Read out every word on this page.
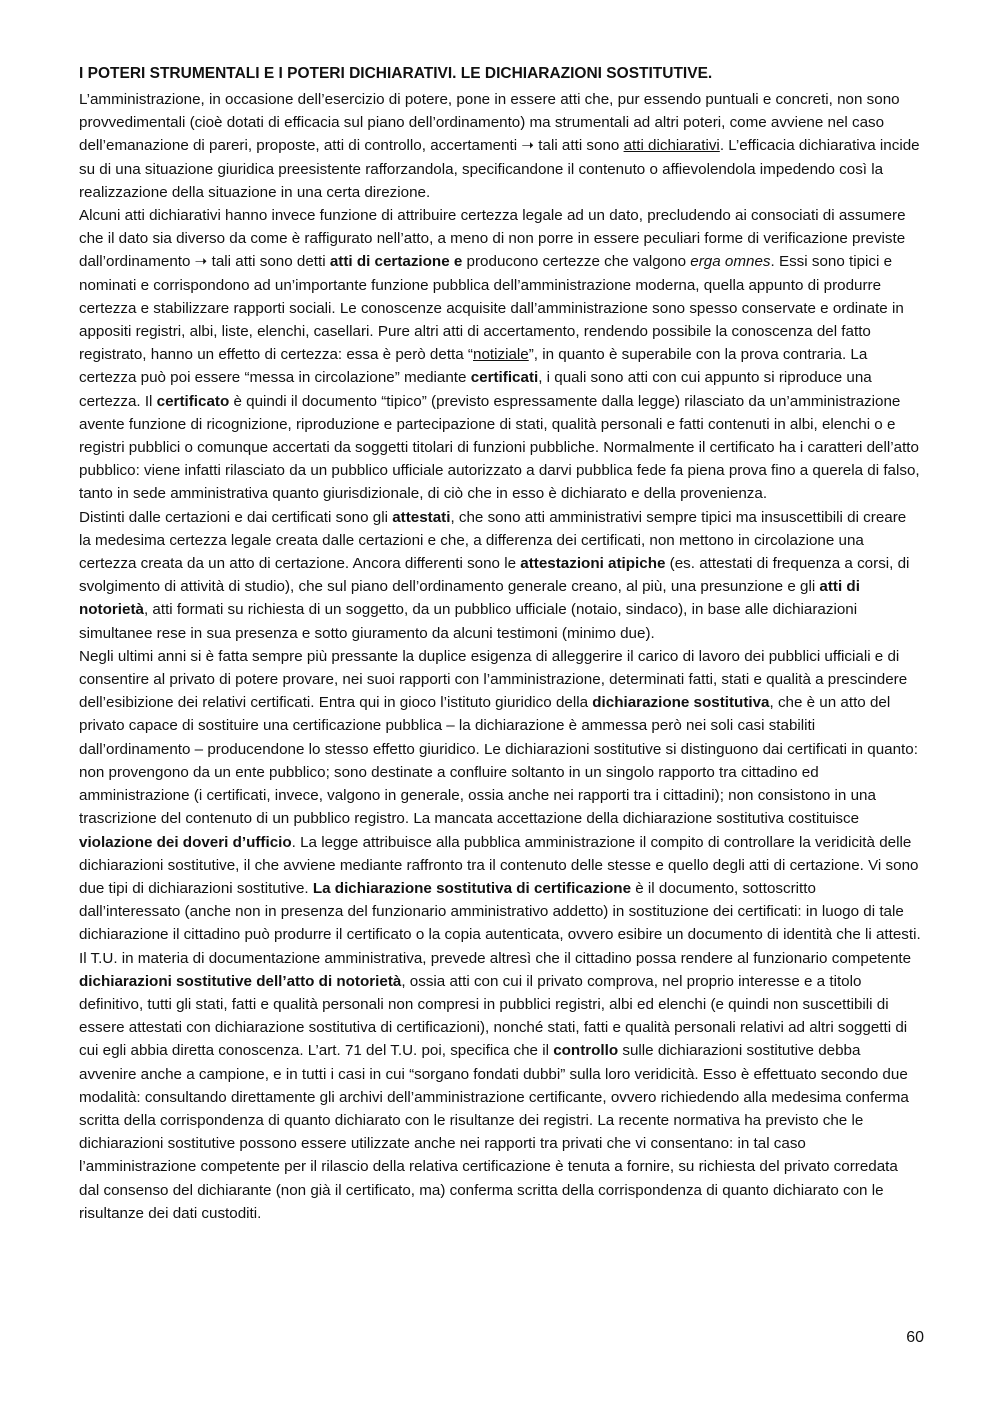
I POTERI STRUMENTALI E I POTERI DICHIARATIVI. LE DICHIARAZIONI SOSTITUTIVE.

L’amministrazione, in occasione dell’esercizio di potere, pone in essere atti che, pur essendo puntuali e concreti, non sono provvedimentali (cioè dotati di efficacia sul piano dell’ordinamento) ma strumentali ad altri poteri, come avviene nel caso dell’emanazione di pareri, proposte, atti di controllo, accertamenti ➝ tali atti sono atti dichiarativi. L’efficacia dichiarativa incide su di una situazione giuridica preesistente rafforzandola, specificandone il contenuto o affievolendola impedendo così la realizzazione della situazione in una certa direzione.

Alcuni atti dichiarativi hanno invece funzione di attribuire certezza legale ad un dato, precludendo ai consociati di assumere che il dato sia diverso da come è raffigurato nell’atto, a meno di non porre in essere peculiari forme di verificazione previste dall’ordinamento ➝ tali atti sono detti atti di certazione e producono certezze che valgono erga omnes. Essi sono tipici e nominati e corrispondono ad un’importante funzione pubblica dell’amministrazione moderna, quella appunto di produrre certezza e stabilizzare rapporti sociali. Le conoscenze acquisite dall’amministrazione sono spesso conservate e ordinate in appositi registri, albi, liste, elenchi, casellari. Pure altri atti di accertamento, rendendo possibile la conoscenza del fatto registrato, hanno un effetto di certezza: essa è però detta “notiziale”, in quanto è superabile con la prova contraria. La certezza può poi essere “messa in circolazione” mediante certificati, i quali sono atti con cui appunto si riproduce una certezza. Il certificato è quindi il documento “tipico” (previsto espressamente dalla legge) rilasciato da un’amministrazione avente funzione di ricognizione, riproduzione e partecipazione di stati, qualità personali e fatti contenuti in albi, elenchi o e registri pubblici o comunque accertati da soggetti titolari di funzioni pubbliche. Normalmente il certificato ha i caratteri dell’atto pubblico: viene infatti rilasciato da un pubblico ufficiale autorizzato a darvi pubblica fede fa piena prova fino a querela di falso, tanto in sede amministrativa quanto giurisdizionale, di ciò che in esso è dichiarato e della provenienza.

Distinti dalle certazioni e dai certificati sono gli attestati, che sono atti amministrativi sempre tipici ma insuscettibili di creare la medesima certezza legale creata dalle certazioni e che, a differenza dei certificati, non mettono in circolazione una certezza creata da un atto di certazione. Ancora differenti sono le attestazioni atipiche (es. attestati di frequenza a corsi, di svolgimento di attività di studio), che sul piano dell’ordinamento generale creano, al più, una presunzione e gli atti di notorietà, atti formati su richiesta di un soggetto, da un pubblico ufficiale (notaio, sindaco), in base alle dichiarazioni simultanee rese in sua presenza e sotto giuramento da alcuni testimoni (minimo due).

Negli ultimi anni si è fatta sempre più pressante la duplice esigenza di alleggerire il carico di lavoro dei pubblici ufficiali e di consentire al privato di potere provare, nei suoi rapporti con l’amministrazione, determinati fatti, stati e qualità a prescindere dell’esibizione dei relativi certificati. Entra qui in gioco l’istituto giuridico della dichiarazione sostitutiva, che è un atto del privato capace di sostituire una certificazione pubblica – la dichiarazione è ammessa però nei soli casi stabiliti dall’ordinamento – producendone lo stesso effetto giuridico. Le dichiarazioni sostitutive si distinguono dai certificati in quanto: non provengono da un ente pubblico; sono destinate a confluire soltanto in un singolo rapporto tra cittadino ed amministrazione (i certificati, invece, valgono in generale, ossia anche nei rapporti tra i cittadini); non consistono in una trascrizione del contenuto di un pubblico registro. La mancata accettazione della dichiarazione sostitutiva costituisce violazione dei doveri d’ufficio. La legge attribuisce alla pubblica amministrazione il compito di controllare la veridicità delle dichiarazioni sostitutive, il che avviene mediante raffronto tra il contenuto delle stesse e quello degli atti di certazione. Vi sono due tipi di dichiarazioni sostitutive. La dichiarazione sostitutiva di certificazione è il documento, sottoscritto dall’interessato (anche non in presenza del funzionario amministrativo addetto) in sostituzione dei certificati: in luogo di tale dichiarazione il cittadino può produrre il certificato o la copia autenticata, ovvero esibire un documento di identità che li attesti. Il T.U. in materia di documentazione amministrativa, prevede altresì che il cittadino possa rendere al funzionario competente dichiarazioni sostitutive dell’atto di notorietà, ossia atti con cui il privato comprova, nel proprio interesse e a titolo definitivo, tutti gli stati, fatti e qualità personali non compresi in pubblici registri, albi ed elenchi (e quindi non suscettibili di essere attestati con dichiarazione sostitutiva di certificazioni), nonché stati, fatti e qualità personali relativi ad altri soggetti di cui egli abbia diretta conoscenza. L’art. 71 del T.U. poi, specifica che il controllo sulle dichiarazioni sostitutive debba avvenire anche a campione, e in tutti i casi in cui “sorgano fondati dubbi” sulla loro veridicità. Esso è effettuato secondo due modalità: consultando direttamente gli archivi dell’amministrazione certificante, ovvero richiedendo alla medesima conferma scritta della corrispondenza di quanto dichiarato con le risultanze dei registri. La recente normativa ha previsto che le dichiarazioni sostitutive possono essere utilizzate anche nei rapporti tra privati che vi consentano: in tal caso l’amministrazione competente per il rilascio della relativa certificazione è tenuta a fornire, su richiesta del privato corredata dal consenso del dichiarante (non già il certificato, ma) conferma scritta della corrispondenza di quanto dichiarato con le risultanze dei dati custoditi.

60
